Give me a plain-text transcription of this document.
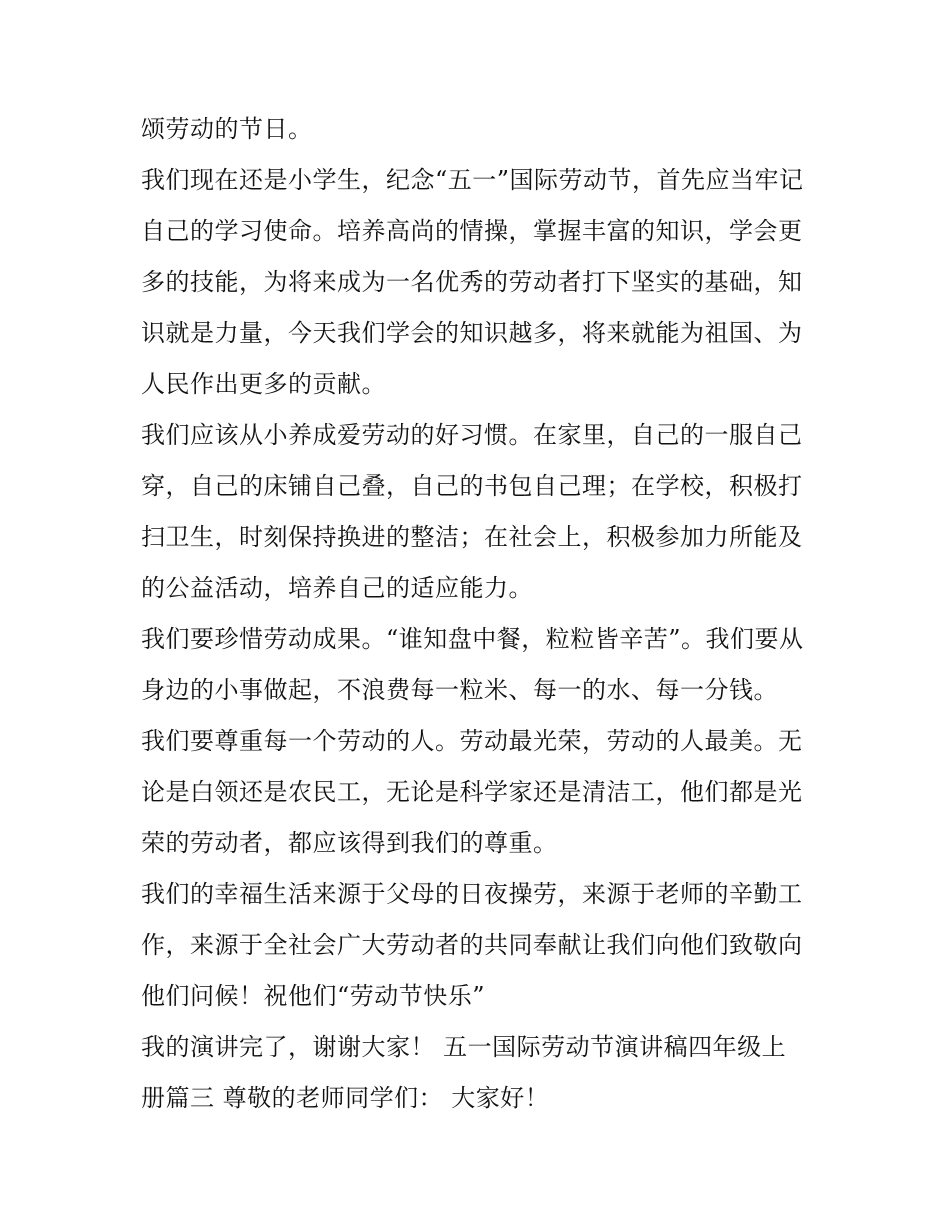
颂劳动的节日。
我们现在还是小学生，纪念“五一”国际劳动节，首先应当牢记
自己的学习使命。培养高尚的情操，掌握丰富的知识，学会更
多的技能，为将来成为一名优秀的劳动者打下坚实的基础，知
识就是力量，今天我们学会的知识越多，将来就能为祖国、为
人民作出更多的贡献。
我们应该从小养成爱劳动的好习惯。在家里，自己的一服自己
穿，自己的床铺自己叠，自己的书包自己理；在学校，积极打
扫卫生，时刻保持换进的整洁；在社会上，积极参加力所能及
的公益活动，培养自己的适应能力。
我们要珍惜劳动成果。“谁知盘中餐，粒粒皆辛苦”。我们要从
身边的小事做起，不浪费每一粒米、每一的水、每一分钱。
我们要尊重每一个劳动的人。劳动最光荣，劳动的人最美。无
论是白领还是农民工，无论是科学家还是清洁工，他们都是光
荣的劳动者，都应该得到我们的尊重。
我们的幸福生活来源于父母的日夜操劳，来源于老师的辛勤工
作，来源于全社会广大劳动者的共同奉献让我们向他们致敬向
他们问候！祝他们“劳动节快乐”
我的演讲完了，谢谢大家！ 五一国际劳动节演讲稿四年级上
册篇三 尊敬的老师同学们： 大家好！
